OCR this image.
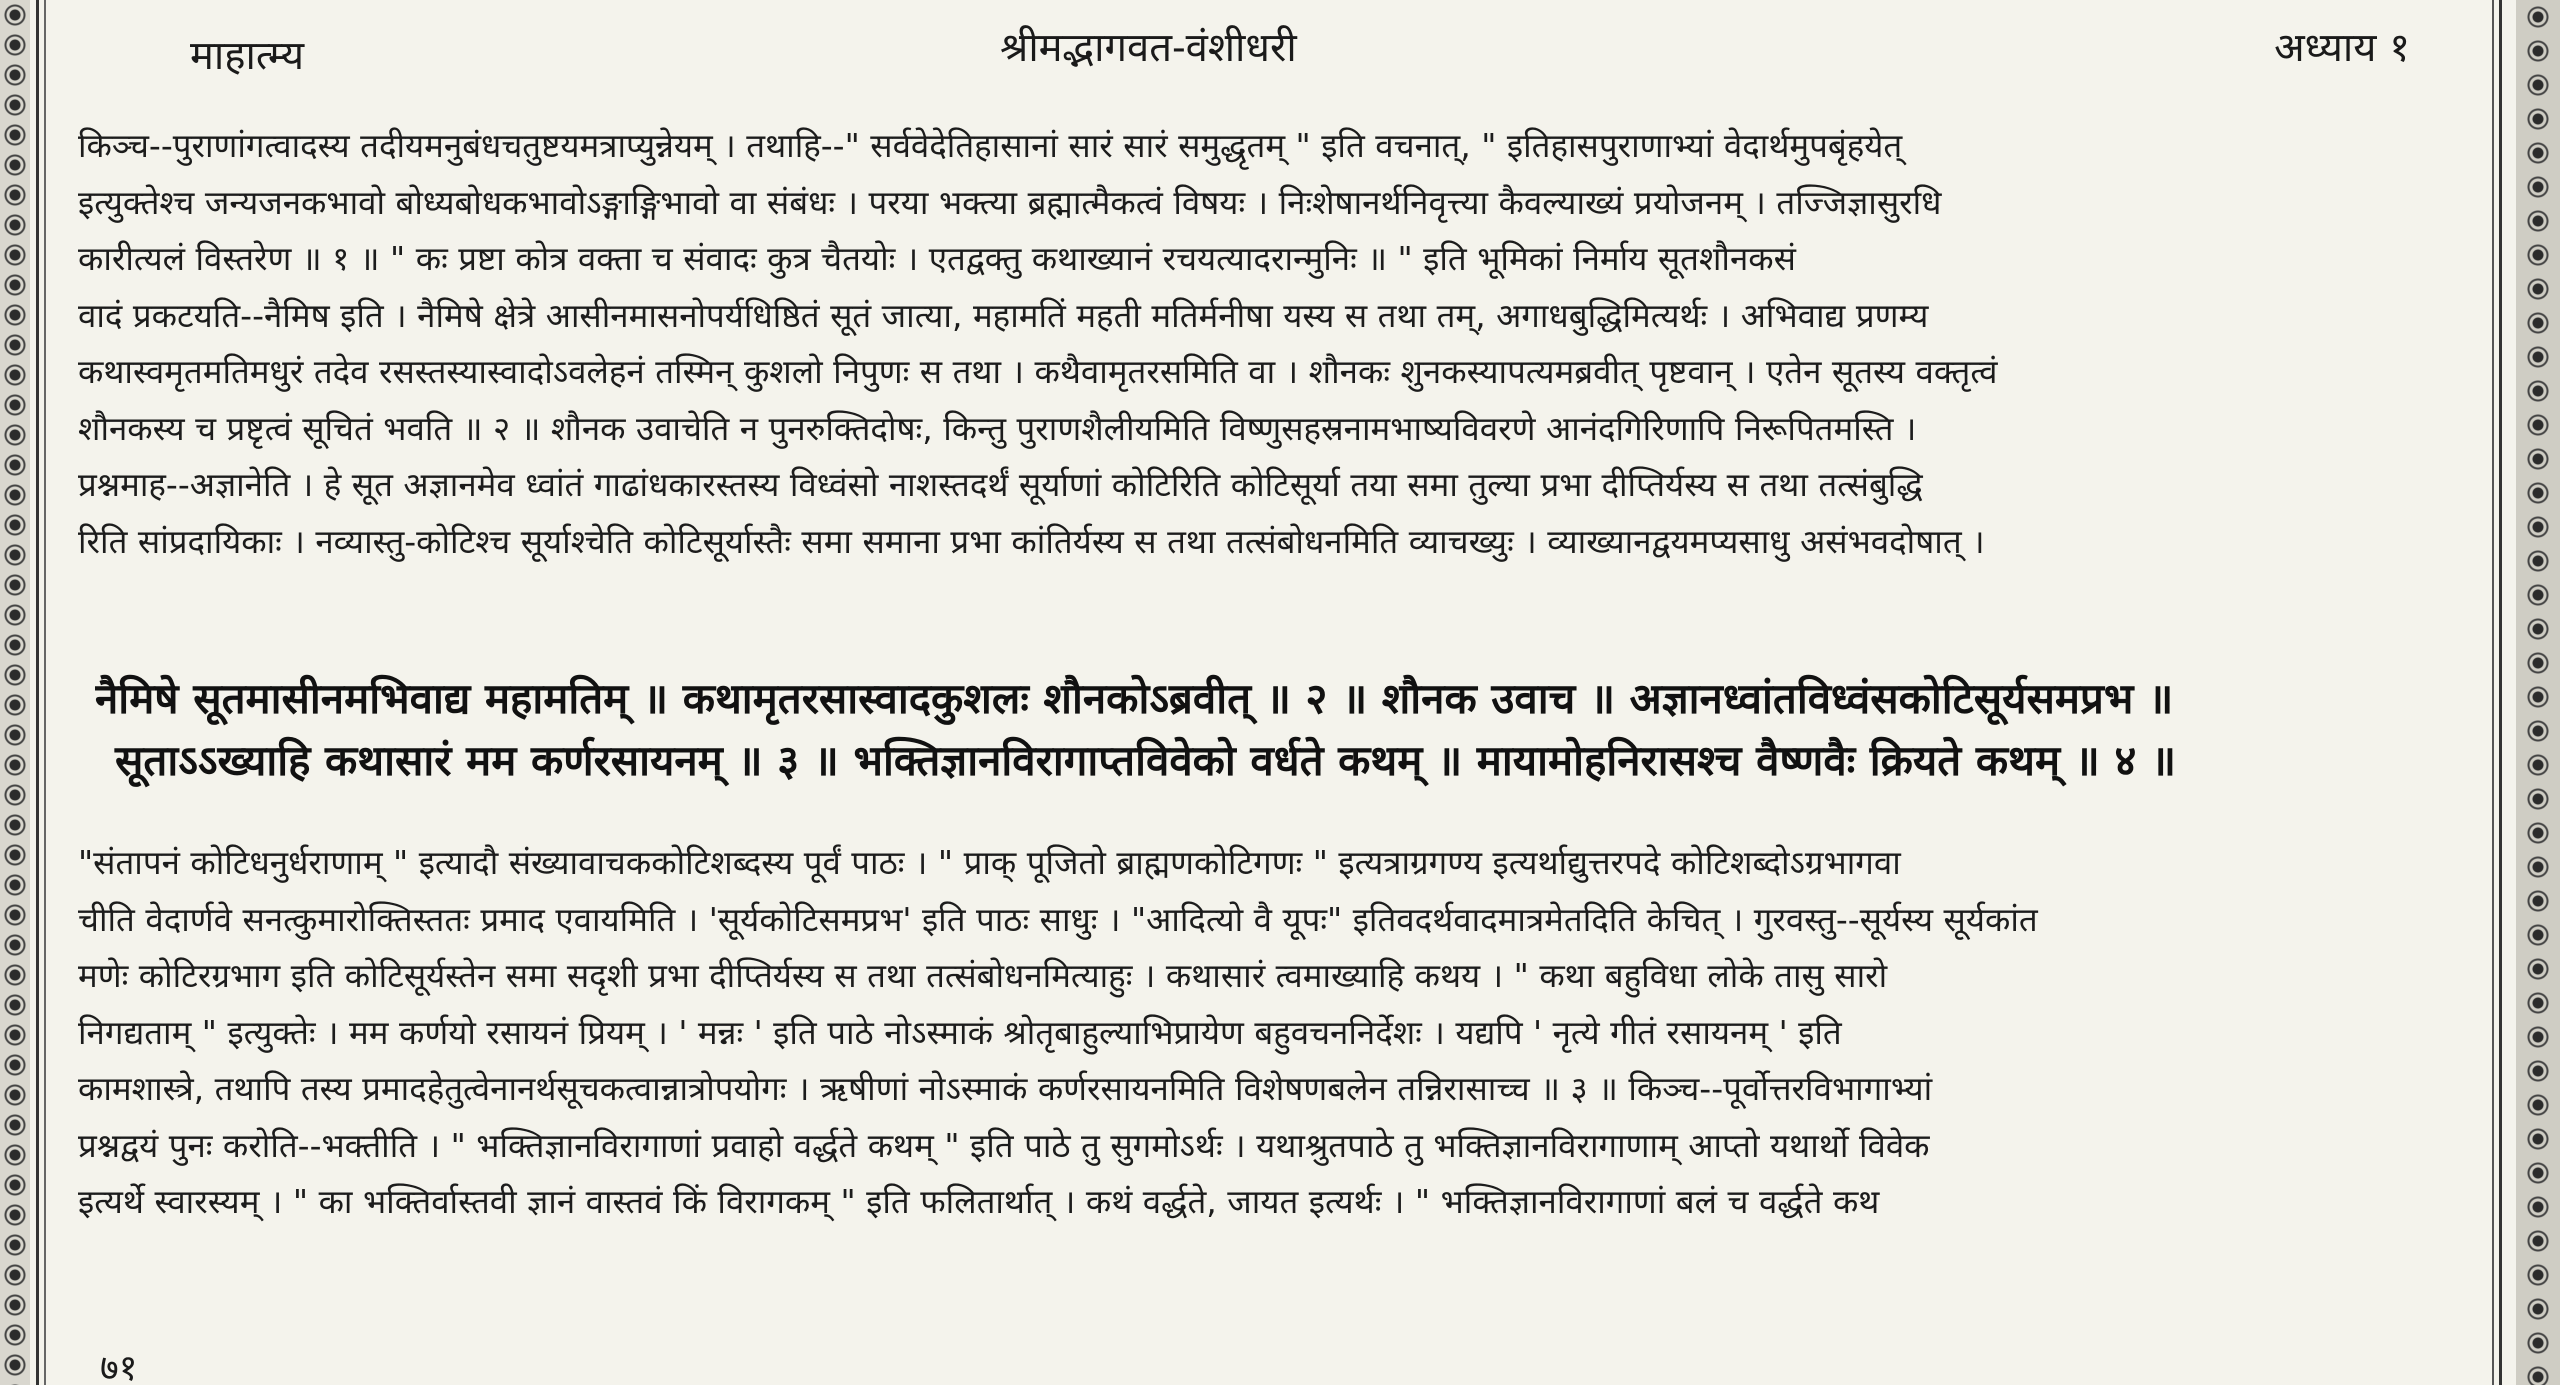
माहात्म्य	श्रीमद्भागवत-वंशीधरी	अध्याय १

किञ्च--पुराणांगत्वादस्य तदीयमनुबंधचतुष्टयमत्राप्युन्नेयम् । तथाहि--" सर्ववेदेतिहासानां सारं सारं समुद्धृतम् " इति वचनात्, " इतिहासपुराणाभ्यां वेदार्थमुपबृंहयेत्

इत्युक्तेश्च जन्यजनकभावो बोध्यबोधकभावोऽङ्गाङ्गिभावो वा संबंधः । परया भक्त्या ब्रह्मात्मैकत्वं विषयः । निःशेषानर्थनिवृत्त्या कैवल्याख्यं प्रयोजनम् । तज्जिज्ञासुरधि

कारीत्यलं विस्तरेण ॥ १ ॥ " कः प्रष्टा कोत्र वक्ता च संवादः कुत्र चैतयोः । एतद्वक्तु कथाख्यानं रचयत्यादरान्मुनिः ॥ " इति भूमिकां निर्माय सूतशौनकसं

वादं प्रकटयति--नैमिष इति । नैमिषे क्षेत्रे आसीनमासनोपर्यधिष्ठितं सूतं जात्या, महामतिं महती मतिर्मनीषा यस्य स तथा तम्, अगाधबुद्धिमित्यर्थः । अभिवाद्य प्रणम्य

कथास्वमृतमतिमधुरं तदेव रसस्तस्यास्वादोऽवलेहनं तस्मिन् कुशलो निपुणः स तथा । कथैवामृतरसमिति वा । शौनकः शुनकस्यापत्यमब्रवीत् पृष्टवान् । एतेन सूतस्य वक्तृत्वं

शौनकस्य च प्रष्टृत्वं सूचितं भवति ॥ २ ॥ शौनक उवाचेति न पुनरुक्तिदोषः, किन्तु पुराणशैलीयमिति विष्णुसहस्रनामभाष्यविवरणे आनंदगिरिणापि निरूपितमस्ति ।

प्रश्नमाह--अज्ञानेति । हे सूत अज्ञानमेव ध्वांतं गाढांधकारस्तस्य विध्वंसो नाशस्तदर्थं सूर्याणां कोटिरिति कोटिसूर्या तया समा तुल्या प्रभा दीप्तिर्यस्य स तथा तत्संबुद्धि

रिति सांप्रदायिकाः । नव्यास्तु-कोटिश्च सूर्याश्चेति कोटिसूर्यास्तैः समा समाना प्रभा कांतिर्यस्य स तथा तत्संबोधनमिति व्याचख्युः । व्याख्यानद्वयमप्यसाधु असंभवदोषात् ।

नैमिषे सूतमासीनमभिवाद्य महामतिम् ॥ कथामृतरसास्वादकुशलः शौनकोऽब्रवीत् ॥ २ ॥ शौनक उवाच ॥ अज्ञानध्वांतविध्वंसकोटिसूर्यसमप्रभ ॥

सूताऽऽख्याहि कथासारं मम कर्णरसायनम् ॥ ३ ॥ भक्तिज्ञानविरागाप्तविवेको वर्धते कथम् ॥ मायामोहनिरासश्च वैष्णवैः क्रियते कथम् ॥ ४ ॥

"संतापनं कोटिधनुर्धराणाम् " इत्यादौ संख्यावाचककोटिशब्दस्य पूर्वं पाठः । " प्राक् पूजितो ब्राह्मणकोटिगणः " इत्यत्राग्रगण्य इत्यर्थाद्युत्तरपदे कोटिशब्दोऽग्रभागवा

चीति वेदार्णवे सनत्कुमारोक्तिस्ततः प्रमाद एवायमिति । 'सूर्यकोटिसमप्रभ' इति पाठः साधुः । "आदित्यो वै यूपः" इतिवदर्थवादमात्रमेतदिति केचित् । गुरवस्तु--सूर्यस्य सूर्यकांत

मणेः कोटिरग्रभाग इति कोटिसूर्यस्तेन समा सदृशी प्रभा दीप्तिर्यस्य स तथा तत्संबोधनमित्याहुः । कथासारं त्वमाख्याहि कथय । " कथा बहुविधा लोके तासु सारो

निगद्यताम् " इत्युक्तेः । मम कर्णयो रसायनं प्रियम् । ' मन्नः ' इति पाठे नोऽस्माकं श्रोतृबाहुल्याभिप्रायेण बहुवचननिर्देशः । यद्यपि ' नृत्ये गीतं रसायनम् ' इति

कामशास्त्रे, तथापि तस्य प्रमादहेतुत्वेनानर्थसूचकत्वान्नात्रोपयोगः । ऋषीणां नोऽस्माकं कर्णरसायनमिति विशेषणबलेन तन्निरासाच्च ॥ ३ ॥ किञ्च--पूर्वोत्तरविभागाभ्यां

प्रश्नद्वयं पुनः करोति--भक्तीति । " भक्तिज्ञानविरागाणां प्रवाहो वर्द्धते कथम् " इति पाठे तु सुगमोऽर्थः । यथाश्रुतपाठे तु भक्तिज्ञानविरागाणाम् आप्तो यथार्थो विवेक

इत्यर्थे स्वारस्यम् । " का भक्तिर्वास्तवी ज्ञानं वास्तवं किं विरागकम् " इति फलितार्थात् । कथं वर्द्धते, जायत इत्यर्थः । " भक्तिज्ञानविरागाणां बलं च वर्द्धते कथ

७१
